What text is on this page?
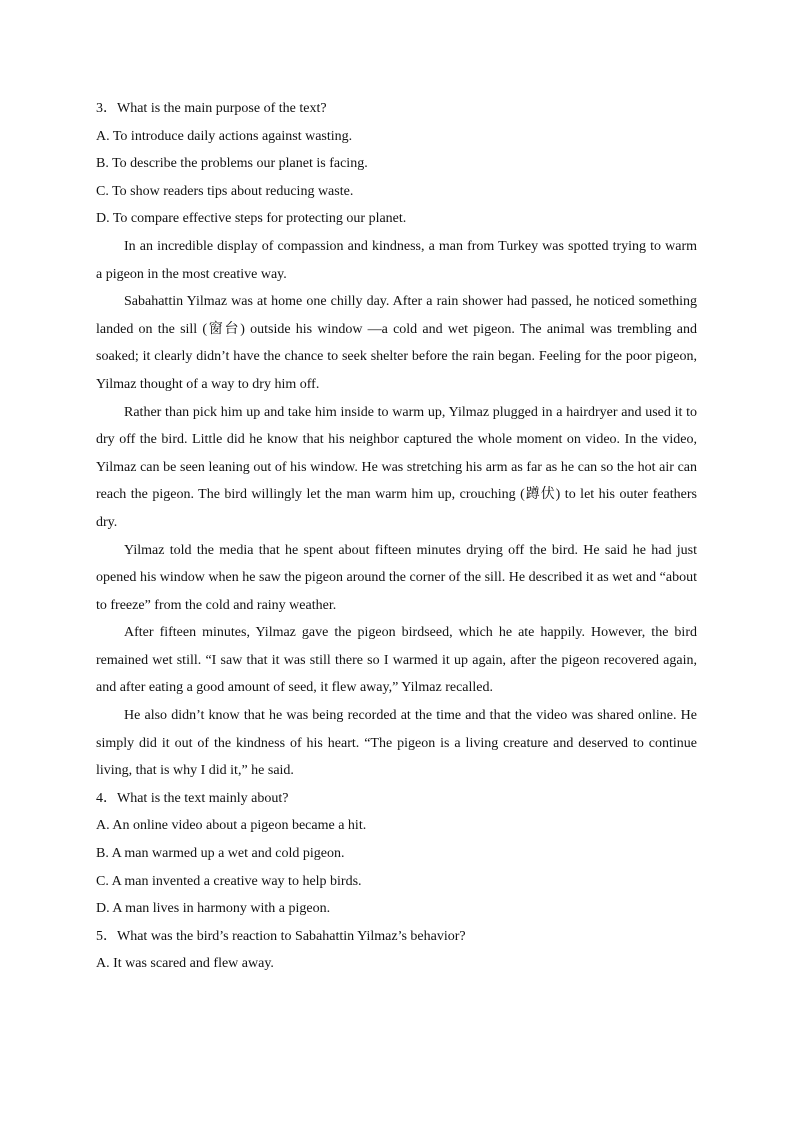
3．What is the main purpose of the text?
A. To introduce daily actions against wasting.
B. To describe the problems our planet is facing.
C. To show readers tips about reducing waste.
D. To compare effective steps for protecting our planet.
In an incredible display of compassion and kindness, a man from Turkey was spotted trying to warm a pigeon in the most creative way.
Sabahattin Yilmaz was at home one chilly day. After a rain shower had passed, he noticed something landed on the sill (窗台) outside his window —a cold and wet pigeon. The animal was trembling and soaked; it clearly didn’t have the chance to seek shelter before the rain began. Feeling for the poor pigeon, Yilmaz thought of a way to dry him off.
Rather than pick him up and take him inside to warm up, Yilmaz plugged in a hairdryer and used it to dry off the bird. Little did he know that his neighbor captured the whole moment on video. In the video, Yilmaz can be seen leaning out of his window. He was stretching his arm as far as he can so the hot air can reach the pigeon. The bird willingly let the man warm him up, crouching (蹲伏) to let his outer feathers dry.
Yilmaz told the media that he spent about fifteen minutes drying off the bird. He said he had just opened his window when he saw the pigeon around the corner of the sill. He described it as wet and “about to freeze” from the cold and rainy weather.
After fifteen minutes, Yilmaz gave the pigeon birdseed, which he ate happily. However, the bird remained wet still. “I saw that it was still there so I warmed it up again, after the pigeon recovered again, and after eating a good amount of seed, it flew away,” Yilmaz recalled.
He also didn’t know that he was being recorded at the time and that the video was shared online. He simply did it out of the kindness of his heart. “The pigeon is a living creature and deserved to continue living, that is why I did it,” he said.
4．What is the text mainly about?
A. An online video about a pigeon became a hit.
B. A man warmed up a wet and cold pigeon.
C. A man invented a creative way to help birds.
D. A man lives in harmony with a pigeon.
5．What was the bird’s reaction to Sabahattin Yilmaz’s behavior?
A. It was scared and flew away.
